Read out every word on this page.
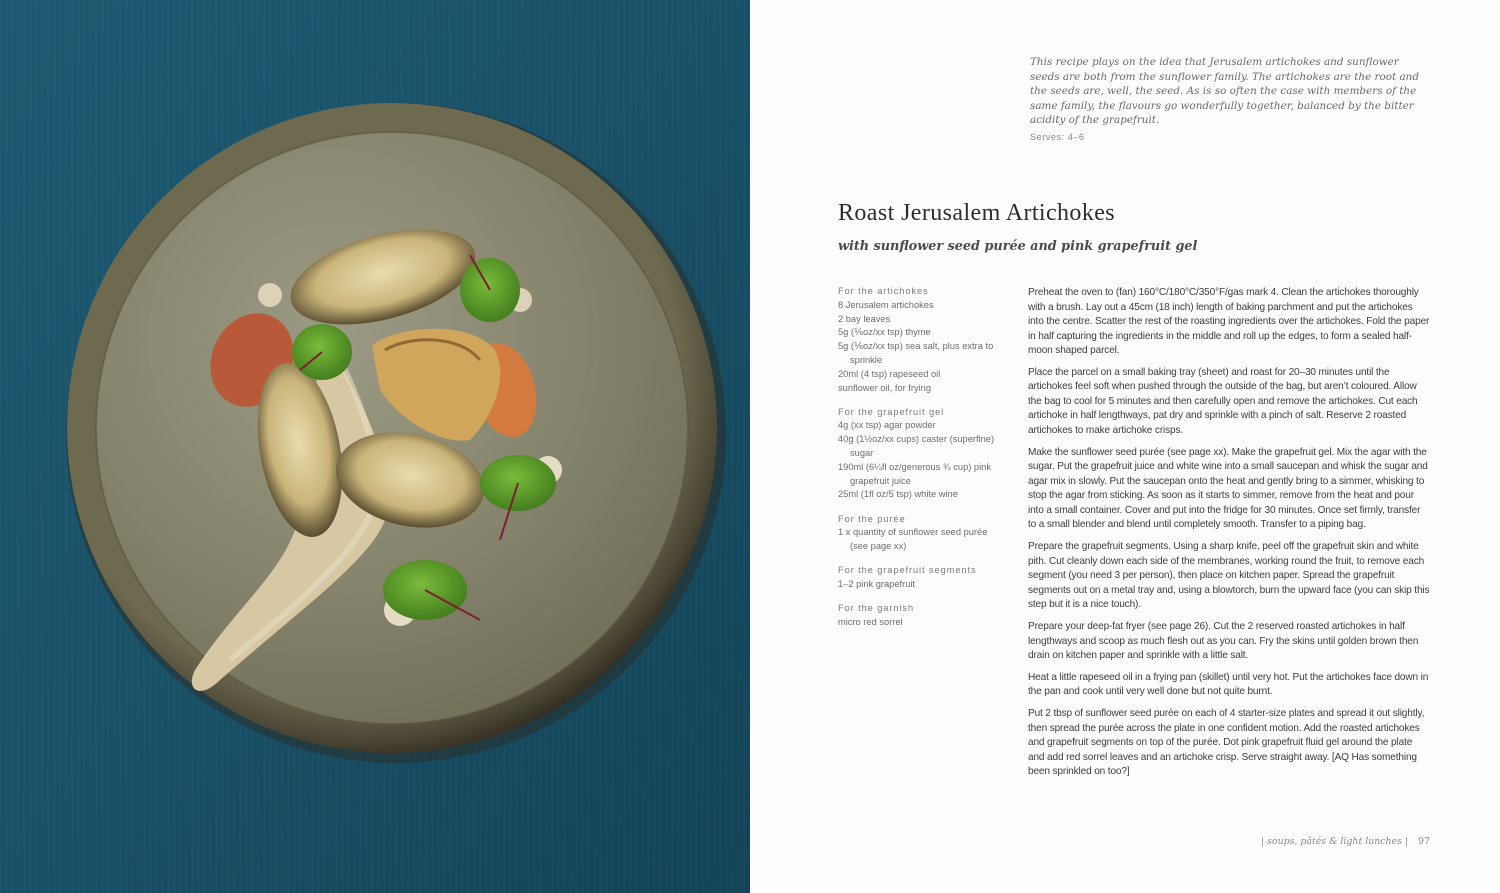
This recipe plays on the idea that Jerusalem artichokes and sunflower seeds are both from the sunflower family. The artichokes are the root and the seeds are, well, the seed. As is so often the case with members of the same family, the flavours go wonderfully together, balanced by the bitter acidity of the grapefruit.

Serves: 4–6

Roast Jerusalem Artichokes
with sunflower seed purée and pink grapefruit gel
For the artichokes
8 Jerusalem artichokes
2 bay leaves
5g (⅙oz/xx tsp) thyme
5g (⅙oz/xx tsp) sea salt, plus extra to sprinkle
20ml (4 tsp) rapeseed oil
sunflower oil, for frying
For the grapefruit gel
4g (xx tsp) agar powder
40g (1½oz/xx cups) caster (superfine) sugar
190ml (6¼fl oz/generous ¾ cup) pink grapefruit juice
25ml (1fl oz/5 tsp) white wine
For the purée
1 x quantity of sunflower seed purée (see page xx)
For the grapefruit segments
1–2 pink grapefruit
For the garnish
micro red sorrel

Preheat the oven to (fan) 160°C/180°C/350°F/gas mark 4. Clean the artichokes thoroughly with a brush. Lay out a 45cm (18 inch) length of baking parchment and put the artichokes into the centre. Scatter the rest of the roasting ingredients over the artichokes. Fold the paper in half capturing the ingredients in the middle and roll up the edges, to form a sealed half-moon shaped parcel.

Place the parcel on a small baking tray (sheet) and roast for 20–30 minutes until the artichokes feel soft when pushed through the outside of the bag, but aren’t coloured. Allow the bag to cool for 5 minutes and then carefully open and remove the artichokes. Cut each artichoke in half lengthways, pat dry and sprinkle with a pinch of salt. Reserve 2 roasted artichokes to make artichoke crisps.

Make the sunflower seed purée (see page xx). Make the grapefruit gel. Mix the agar with the sugar. Put the grapefruit juice and white wine into a small saucepan and whisk the sugar and agar mix in slowly. Put the saucepan onto the heat and gently bring to a simmer, whisking to stop the agar from sticking. As soon as it starts to simmer, remove from the heat and pour into a small container. Cover and put into the fridge for 30 minutes. Once set firmly, transfer to a small blender and blend until completely smooth. Transfer to a piping bag.

Prepare the grapefruit segments. Using a sharp knife, peel off the grapefruit skin and white pith. Cut cleanly down each side of the membranes, working round the fruit, to remove each segment (you need 3 per person), then place on kitchen paper. Spread the grapefruit segments out on a metal tray and, using a blowtorch, burn the upward face (you can skip this step but it is a nice touch).

Prepare your deep-fat fryer (see page 26). Cut the 2 reserved roasted artichokes in half lengthways and scoop as much flesh out as you can. Fry the skins until golden brown then drain on kitchen paper and sprinkle with a little salt.

Heat a little rapeseed oil in a frying pan (skillet) until very hot. Put the artichokes face down in the pan and cook until very well done but not quite burnt.

Put 2 tbsp of sunflower seed purée on each of 4 starter-size plates and spread it out slightly, then spread the purée across the plate in one confident motion. Add the roasted artichokes and grapefruit segments on top of the purée. Dot pink grapefruit fluid gel around the plate and add red sorrel leaves and an artichoke crisp. Serve straight away. [AQ Has something been sprinkled on too?]

| soups, pâtés & light lunches | 97
